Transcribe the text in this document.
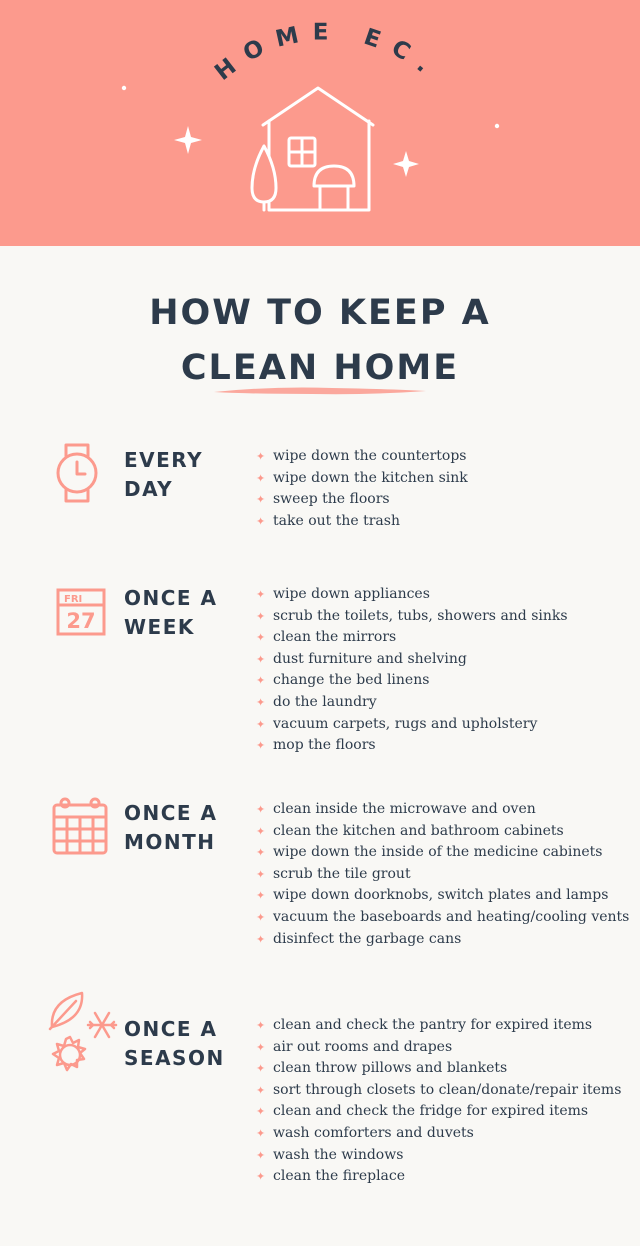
HOME EC.
HOW TO KEEP A
CLEAN HOME
EVERY
DAY
✦ wipe down the countertops
✦ wipe down the kitchen sink
✦ sweep the floors
✦ take out the trash
FRI
27
ONCE A
WEEK
✦ wipe down appliances
✦ scrub the toilets, tubs, showers and sinks
✦ clean the mirrors
✦ dust furniture and shelving
✦ change the bed linens
✦ do the laundry
✦ vacuum carpets, rugs and upholstery
✦ mop the floors
ONCE A
MONTH
✦ clean inside the microwave and oven
✦ clean the kitchen and bathroom cabinets
✦ wipe down the inside of the medicine cabinets
✦ scrub the tile grout
✦ wipe down doorknobs, switch plates and lamps
✦ vacuum the baseboards and heating/cooling vents
✦ disinfect the garbage cans
ONCE A
SEASON
✦ clean and check the pantry for expired items
✦ air out rooms and drapes
✦ clean throw pillows and blankets
✦ sort through closets to clean/donate/repair items
✦ clean and check the fridge for expired items
✦ wash comforters and duvets
✦ wash the windows
✦ clean the fireplace
